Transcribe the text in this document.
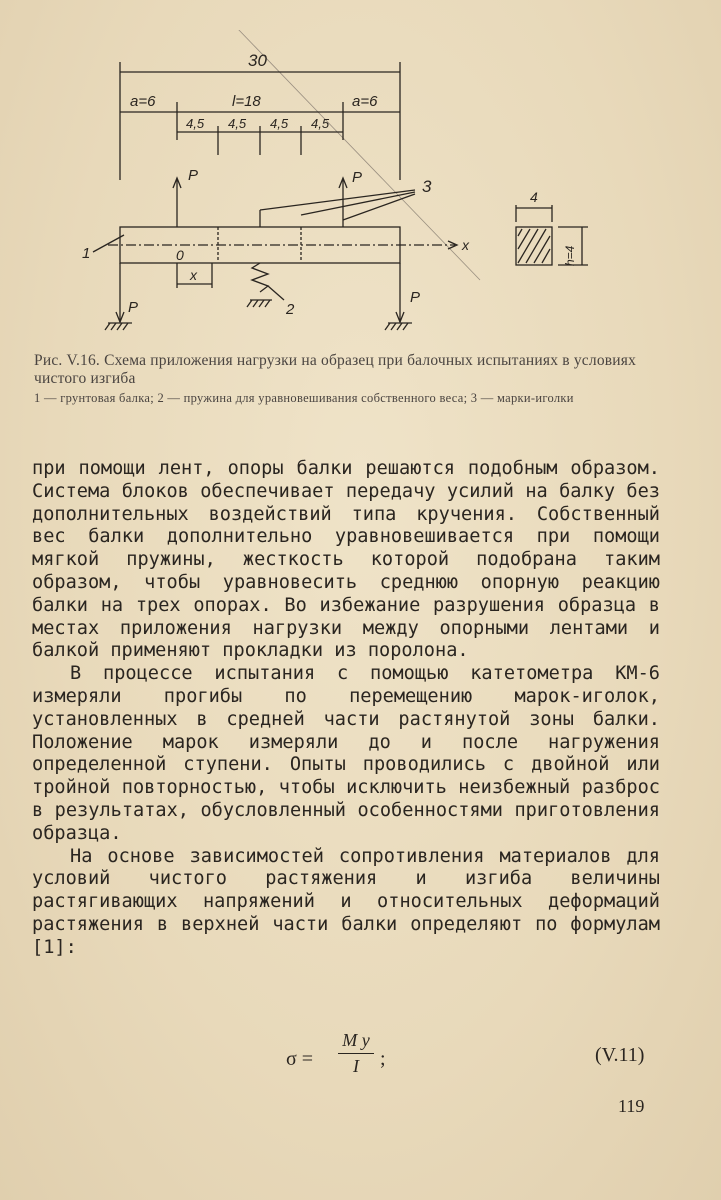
30
a=6	l=18	a=6
4,5 4,5 4,5 4,5
P	P
P
P
1
2
3
0
x
x
4
h=4
Рис. V.16. Схема приложения нагрузки на образец при балочных испытаниях в условиях чистого изгиба
1 — грунтовая балка; 2 — пружина для уравновешивания собственного веса; 3 — марки-иголки

при помощи лент, опоры балки решаются подобным образом. Система блоков обеспечивает передачу усилий на балку без дополнительных воздействий типа кручения. Собственный вес балки дополнительно уравновешивается при помощи мягкой пружины, жесткость которой подобрана таким образом, чтобы уравновесить среднюю опорную реакцию балки на трех опорах. Во избежание разрушения образца в местах приложения нагрузки между опорными лентами и балкой применяют прокладки из поролона.

В процессе испытания с помощью катетометра КМ-6 измеряли прогибы по перемещению марок-иголок, установленных в средней части растянутой зоны балки. Положение марок измеряли до и после нагружения определенной ступени. Опыты проводились с двойной или тройной повторностью, чтобы исключить неизбежный разброс в результатах, обусловленный особенностями приготовления образца.

На основе зависимостей сопротивления материалов для условий чистого растяжения и изгиба величины растягивающих напряжений и относительных деформаций растяжения в верхней части балки определяют по формулам [1]:

$\sigma = \frac{\text{M y}}{I}$ ;	(V.11)
119
